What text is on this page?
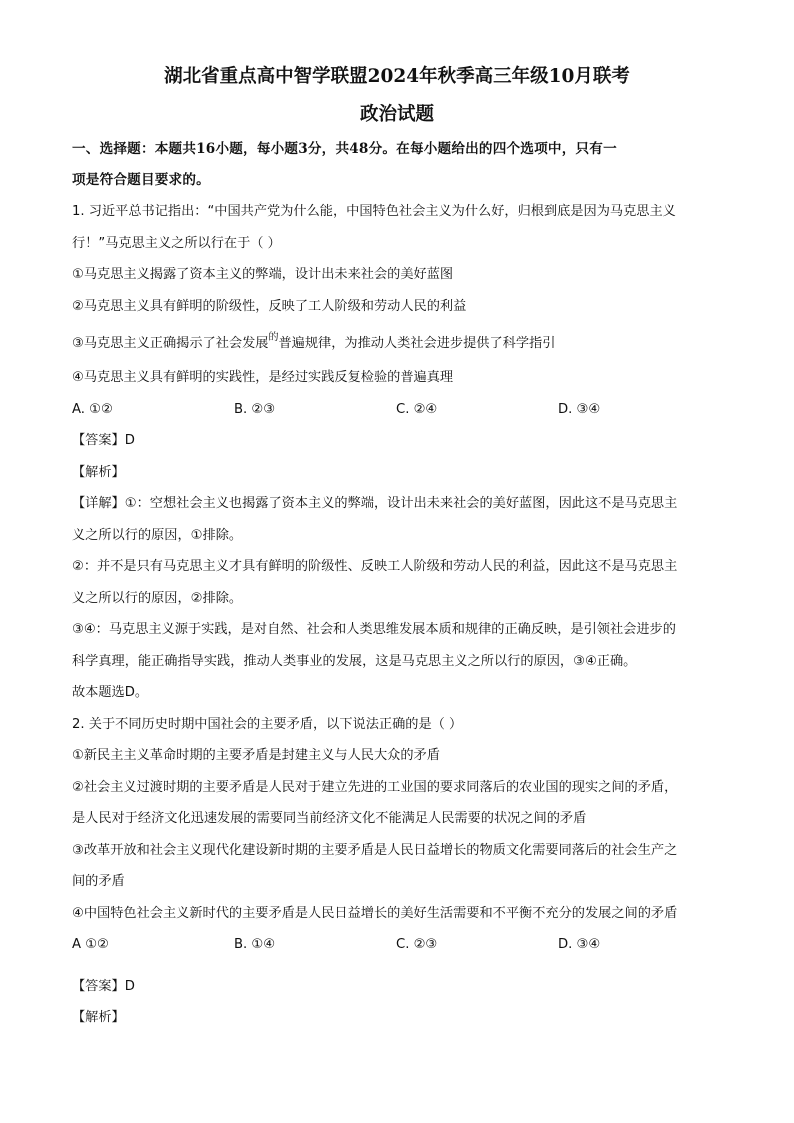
湖北省重点高中智学联盟2024年秋季高三年级10月联考
政治试题
一、选择题：本题共16小题，每小题3分，共48分。在每小题给出的四个选项中，只有一
项是符合题目要求的。
1. 习近平总书记指出：“中国共产党为什么能，中国特色社会主义为什么好，归根到底是因为马克思主义
行！”马克思主义之所以行在于（ ）
①马克思主义揭露了资本主义的弊端，设计出未来社会的美好蓝图
②马克思主义具有鲜明的阶级性，反映了工人阶级和劳动人民的利益
③马克思主义正确揭示了社会发展$^的$普遍规律，为推动人类社会进步提供了科学指引
④马克思主义具有鲜明的实践性，是经过实践反复检验的普遍真理
A. ①②	B. ②③	C. ②④	D. ③④
【答案】D
【解析】
【详解】①：空想社会主义也揭露了资本主义的弊端，设计出未来社会的美好蓝图，因此这不是马克思主
义之所以行的原因，①排除。
②：并不是只有马克思主义才具有鲜明的阶级性、反映工人阶级和劳动人民的利益，因此这不是马克思主
义之所以行的原因，②排除。
③④：马克思主义源于实践，是对自然、社会和人类思维发展本质和规律的正确反映，是引领社会进步的
科学真理，能正确指导实践，推动人类事业的发展，这是马克思主义之所以行的原因，③④正确。
故本题选D。
2. 关于不同历史时期中国社会的主要矛盾，以下说法正确的是（ ）
①新民主主义革命时期的主要矛盾是封建主义与人民大众的矛盾
②社会主义过渡时期的主要矛盾是人民对于建立先进的工业国的要求同落后的农业国的现实之间的矛盾，
是人民对于经济文化迅速发展的需要同当前经济文化不能满足人民需要的状况之间的矛盾
③改革开放和社会主义现代化建设新时期的主要矛盾是人民日益增长的物质文化需要同落后的社会生产之
间的矛盾
④中国特色社会主义新时代的主要矛盾是人民日益增长的美好生活需要和不平衡不充分的发展之间的矛盾
A ①②	B. ①④	C. ②③	D. ③④
【答案】D
【解析】
